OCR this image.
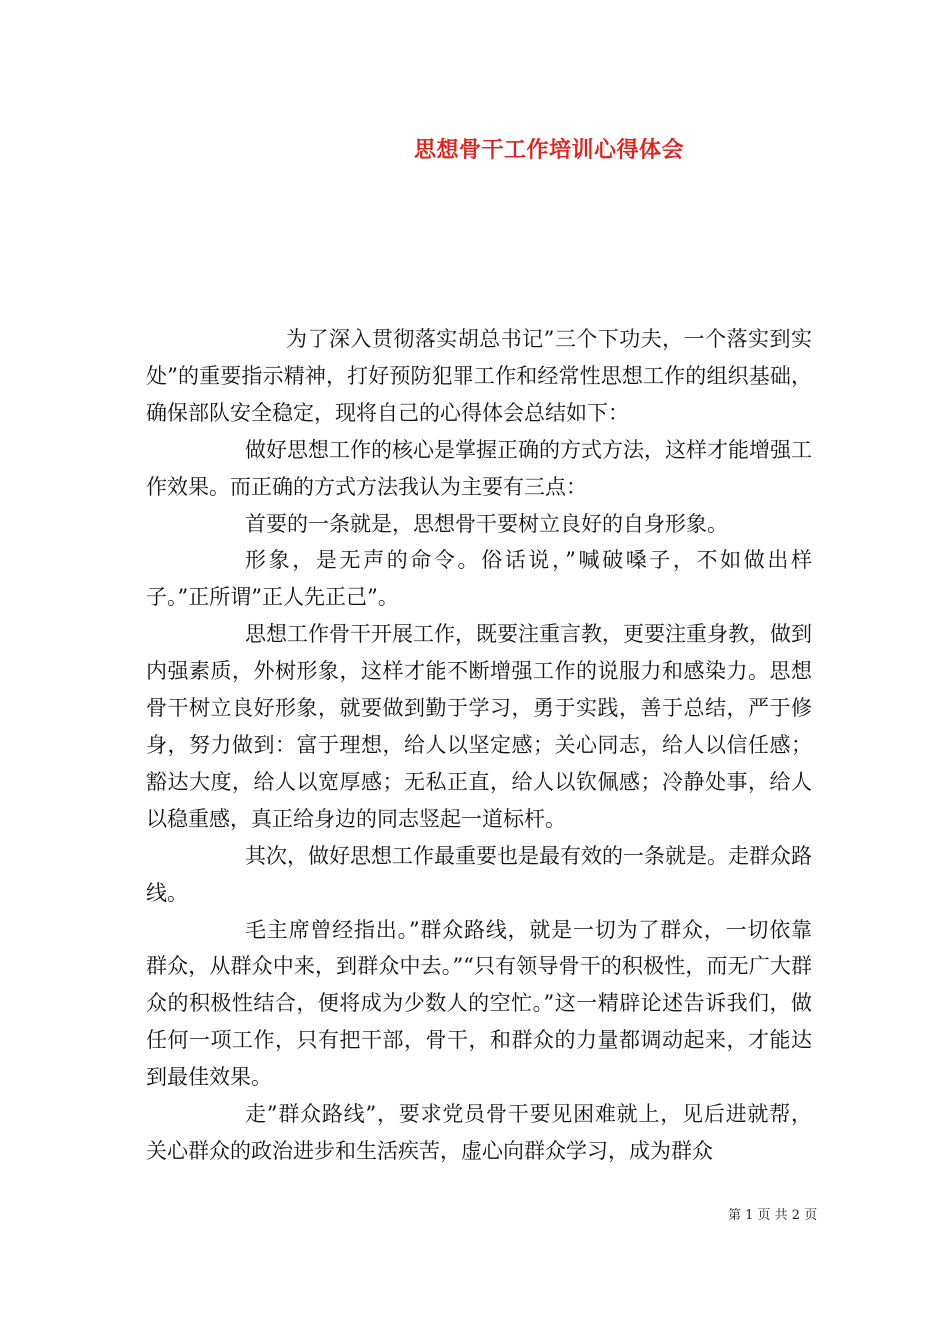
思想骨干工作培训心得体会

为了深入贯彻落实胡总书记”三个下功夫，一个落实到实处”的重要指示精神，打好预防犯罪工作和经常性思想工作的组织基础，确保部队安全稳定，现将自己的心得体会总结如下：

做好思想工作的核心是掌握正确的方式方法，这样才能增强工作效果。而正确的方式方法我认为主要有三点：

首要的一条就是，思想骨干要树立良好的自身形象。

形象，是无声的命令。俗话说，”喊破嗓子，不如做出样子。”正所谓”正人先正己”。

思想工作骨干开展工作，既要注重言教，更要注重身教，做到内强素质，外树形象，这样才能不断增强工作的说服力和感染力。思想骨干树立良好形象，就要做到勤于学习，勇于实践，善于总结，严于修身，努力做到：富于理想，给人以坚定感；关心同志，给人以信任感；豁达大度，给人以宽厚感；无私正直，给人以钦佩感；冷静处事，给人以稳重感，真正给身边的同志竖起一道标杆。

其次，做好思想工作最重要也是最有效的一条就是。走群众路线。

毛主席曾经指出。”群众路线，就是一切为了群众，一切依靠群众，从群众中来，到群众中去。”“只有领导骨干的积极性，而无广大群众的积极性结合，便将成为少数人的空忙。”这一精辟论述告诉我们，做任何一项工作，只有把干部，骨干，和群众的力量都调动起来，才能达到最佳效果。

走”群众路线”，要求党员骨干要见困难就上，见后进就帮，关心群众的政治进步和生活疾苦，虚心向群众学习，成为群众

第 1 页 共 2 页
